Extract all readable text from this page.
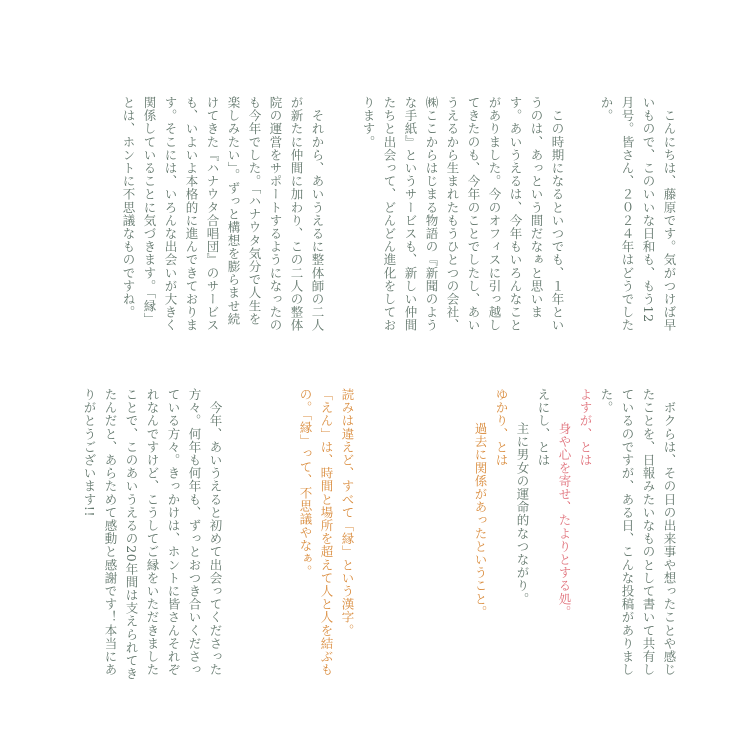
　こんにちは、藤原です。気がつけば早いもので、このいいな日和も、もう12月号。皆さん、２０２４年はどうでしたか。

　この時期になるといつでも、１年というのは、あっという間だなぁと思います。あいうえるは、今年もいろんなことがありました。今のオフィスに引っ越してきたのも、今年のことでしたし、あいうえるから生まれたもうひとつの会社、㈱ここからはじまる物語の『新聞のような手紙』というサービスも、新しい仲間たちと出会って、どんどん進化をしております。

　それから、あいうえるに整体師の二人が新たに仲間に加わり、この二人の整体院の運営をサポートするようになったのも今年でした。「ハナウタ気分で人生を楽しみたい」。ずっと構想を膨らませ続けてきた『ハナウタ合唱団』のサービスも、いよいよ本格的に進んできております。そこには、いろんな出会いが大きく関係していることに気づきます。「縁」とは、ホントに不思議なものですね。

　ボクらは、その日の出来事や想ったことや感じたことを、日報みたいなものとして書いて共有しているのですが、ある日、こんな投稿がありました。

よすが、とは

身や心を寄せ、たよりとする処。

えにし、とは

主に男女の運命的なつながり。

ゆかり、とは

過去に関係があったということ。

読みは違えど、すべて「縁」という漢字。

「えん」は、時間と場所を超えて人と人を結ぶもの。「縁」って、不思議やなぁ。

　今年、あいうえると初めて出会ってくださった方々。何年も何年も、ずっとおつき合いくださっている方々。きっかけは、ホントに皆さんそれぞれなんですけど、こうしてご縁をいただきましたことで、このあいうえるの20年間は支えられてきたんだと、あらためて感動と感謝です！本当にありがとうございます!!
